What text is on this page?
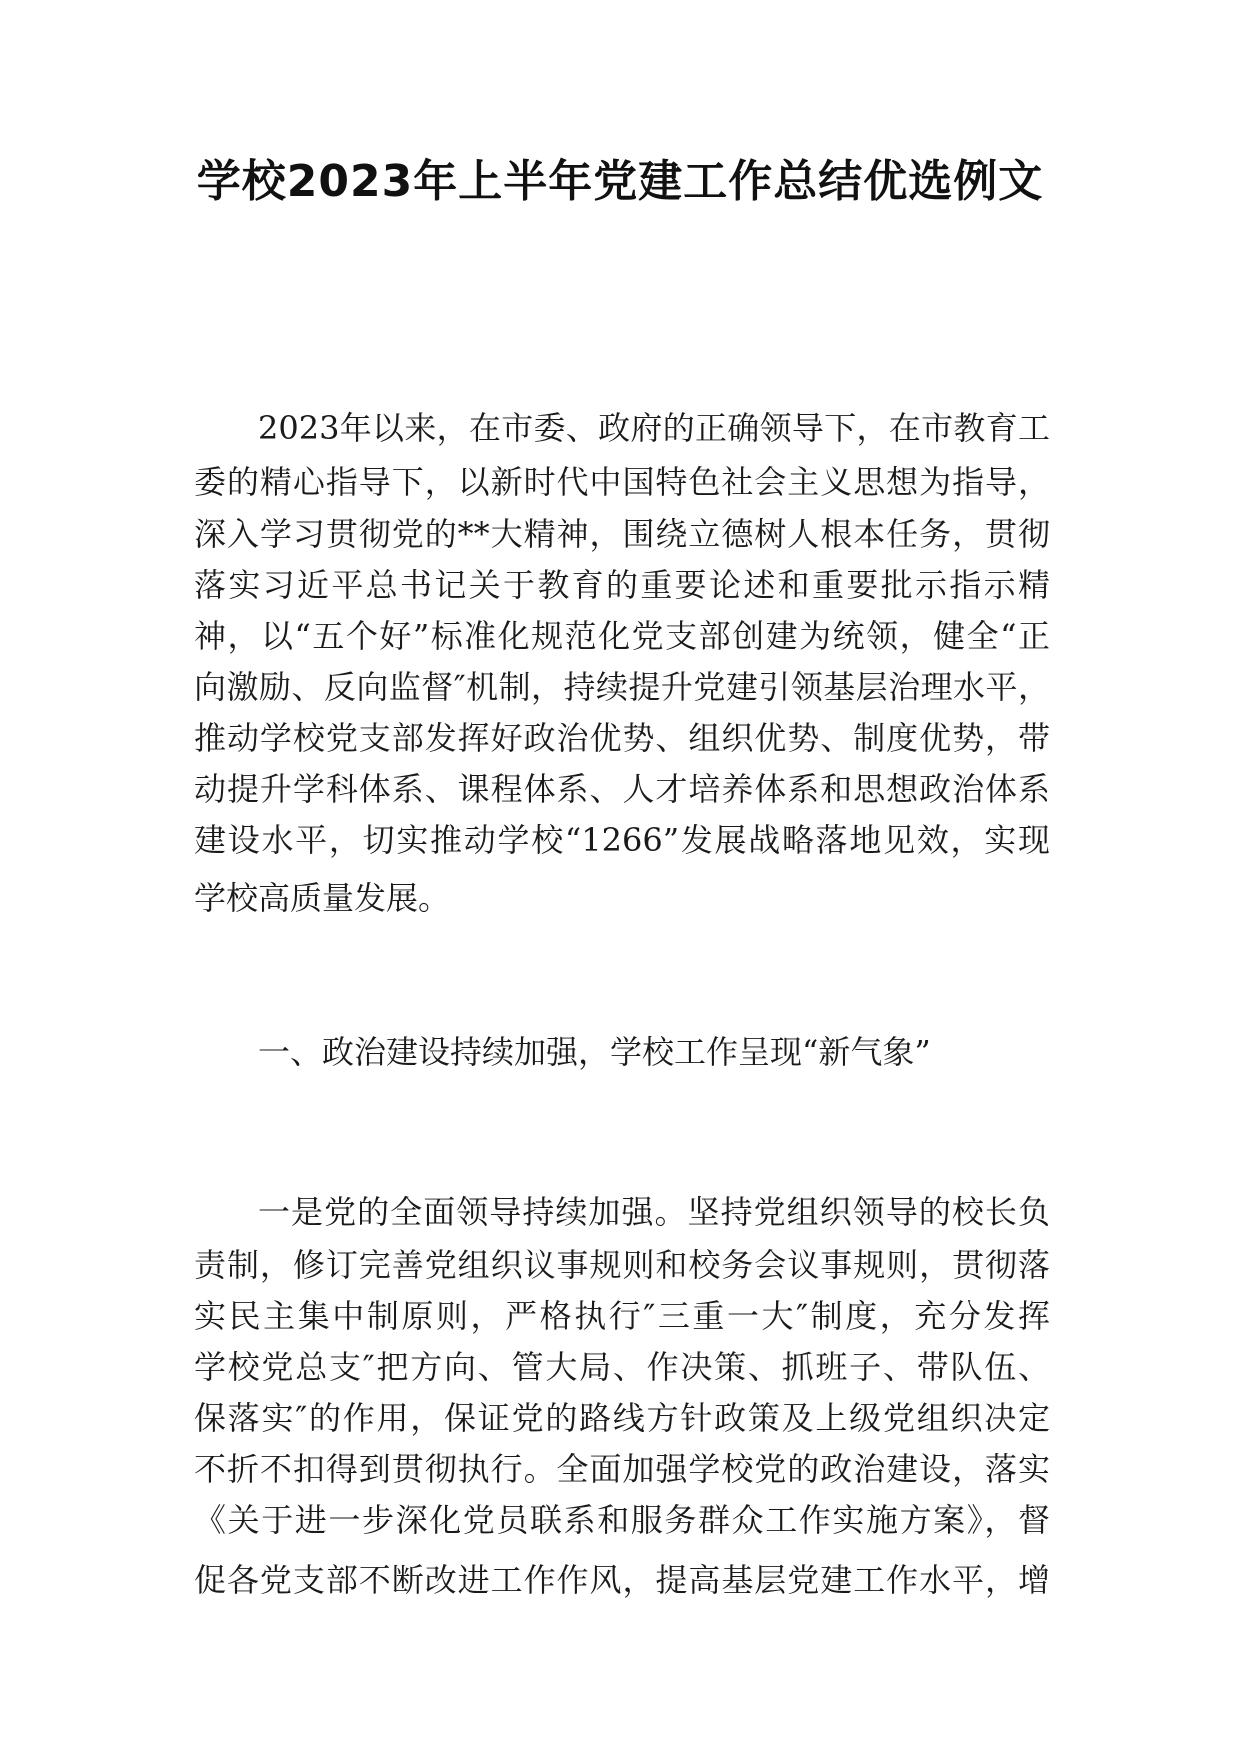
学校2023年上半年党建工作总结优选例文

2023年以来，在市委、政府的正确领导下，在市教育工

委的精心指导下，以新时代中国特色社会主义思想为指导，

深入学习贯彻党的**大精神，围绕立德树人根本任务，贯彻

落实习近平总书记关于教育的重要论述和重要批示指示精

神，以“五个好”标准化规范化党支部创建为统领，健全“正

向激励、反向监督″机制，持续提升党建引领基层治理水平，

推动学校党支部发挥好政治优势、组织优势、制度优势，带

动提升学科体系、课程体系、人才培养体系和思想政治体系

建设水平，切实推动学校“1266”发展战略落地见效，实现

学校高质量发展。

一、政治建设持续加强，学校工作呈现“新气象”

一是党的全面领导持续加强。坚持党组织领导的校长负

责制，修订完善党组织议事规则和校务会议事规则，贯彻落

实民主集中制原则，严格执行″三重一大″制度，充分发挥

学校党总支″把方向、管大局、作决策、抓班子、带队伍、

保落实″的作用，保证党的路线方针政策及上级党组织决定

不折不扣得到贯彻执行。全面加强学校党的政治建设，落实

《关于进一步深化党员联系和服务群众工作实施方案》，督

促各党支部不断改进工作作风，提高基层党建工作水平，增
